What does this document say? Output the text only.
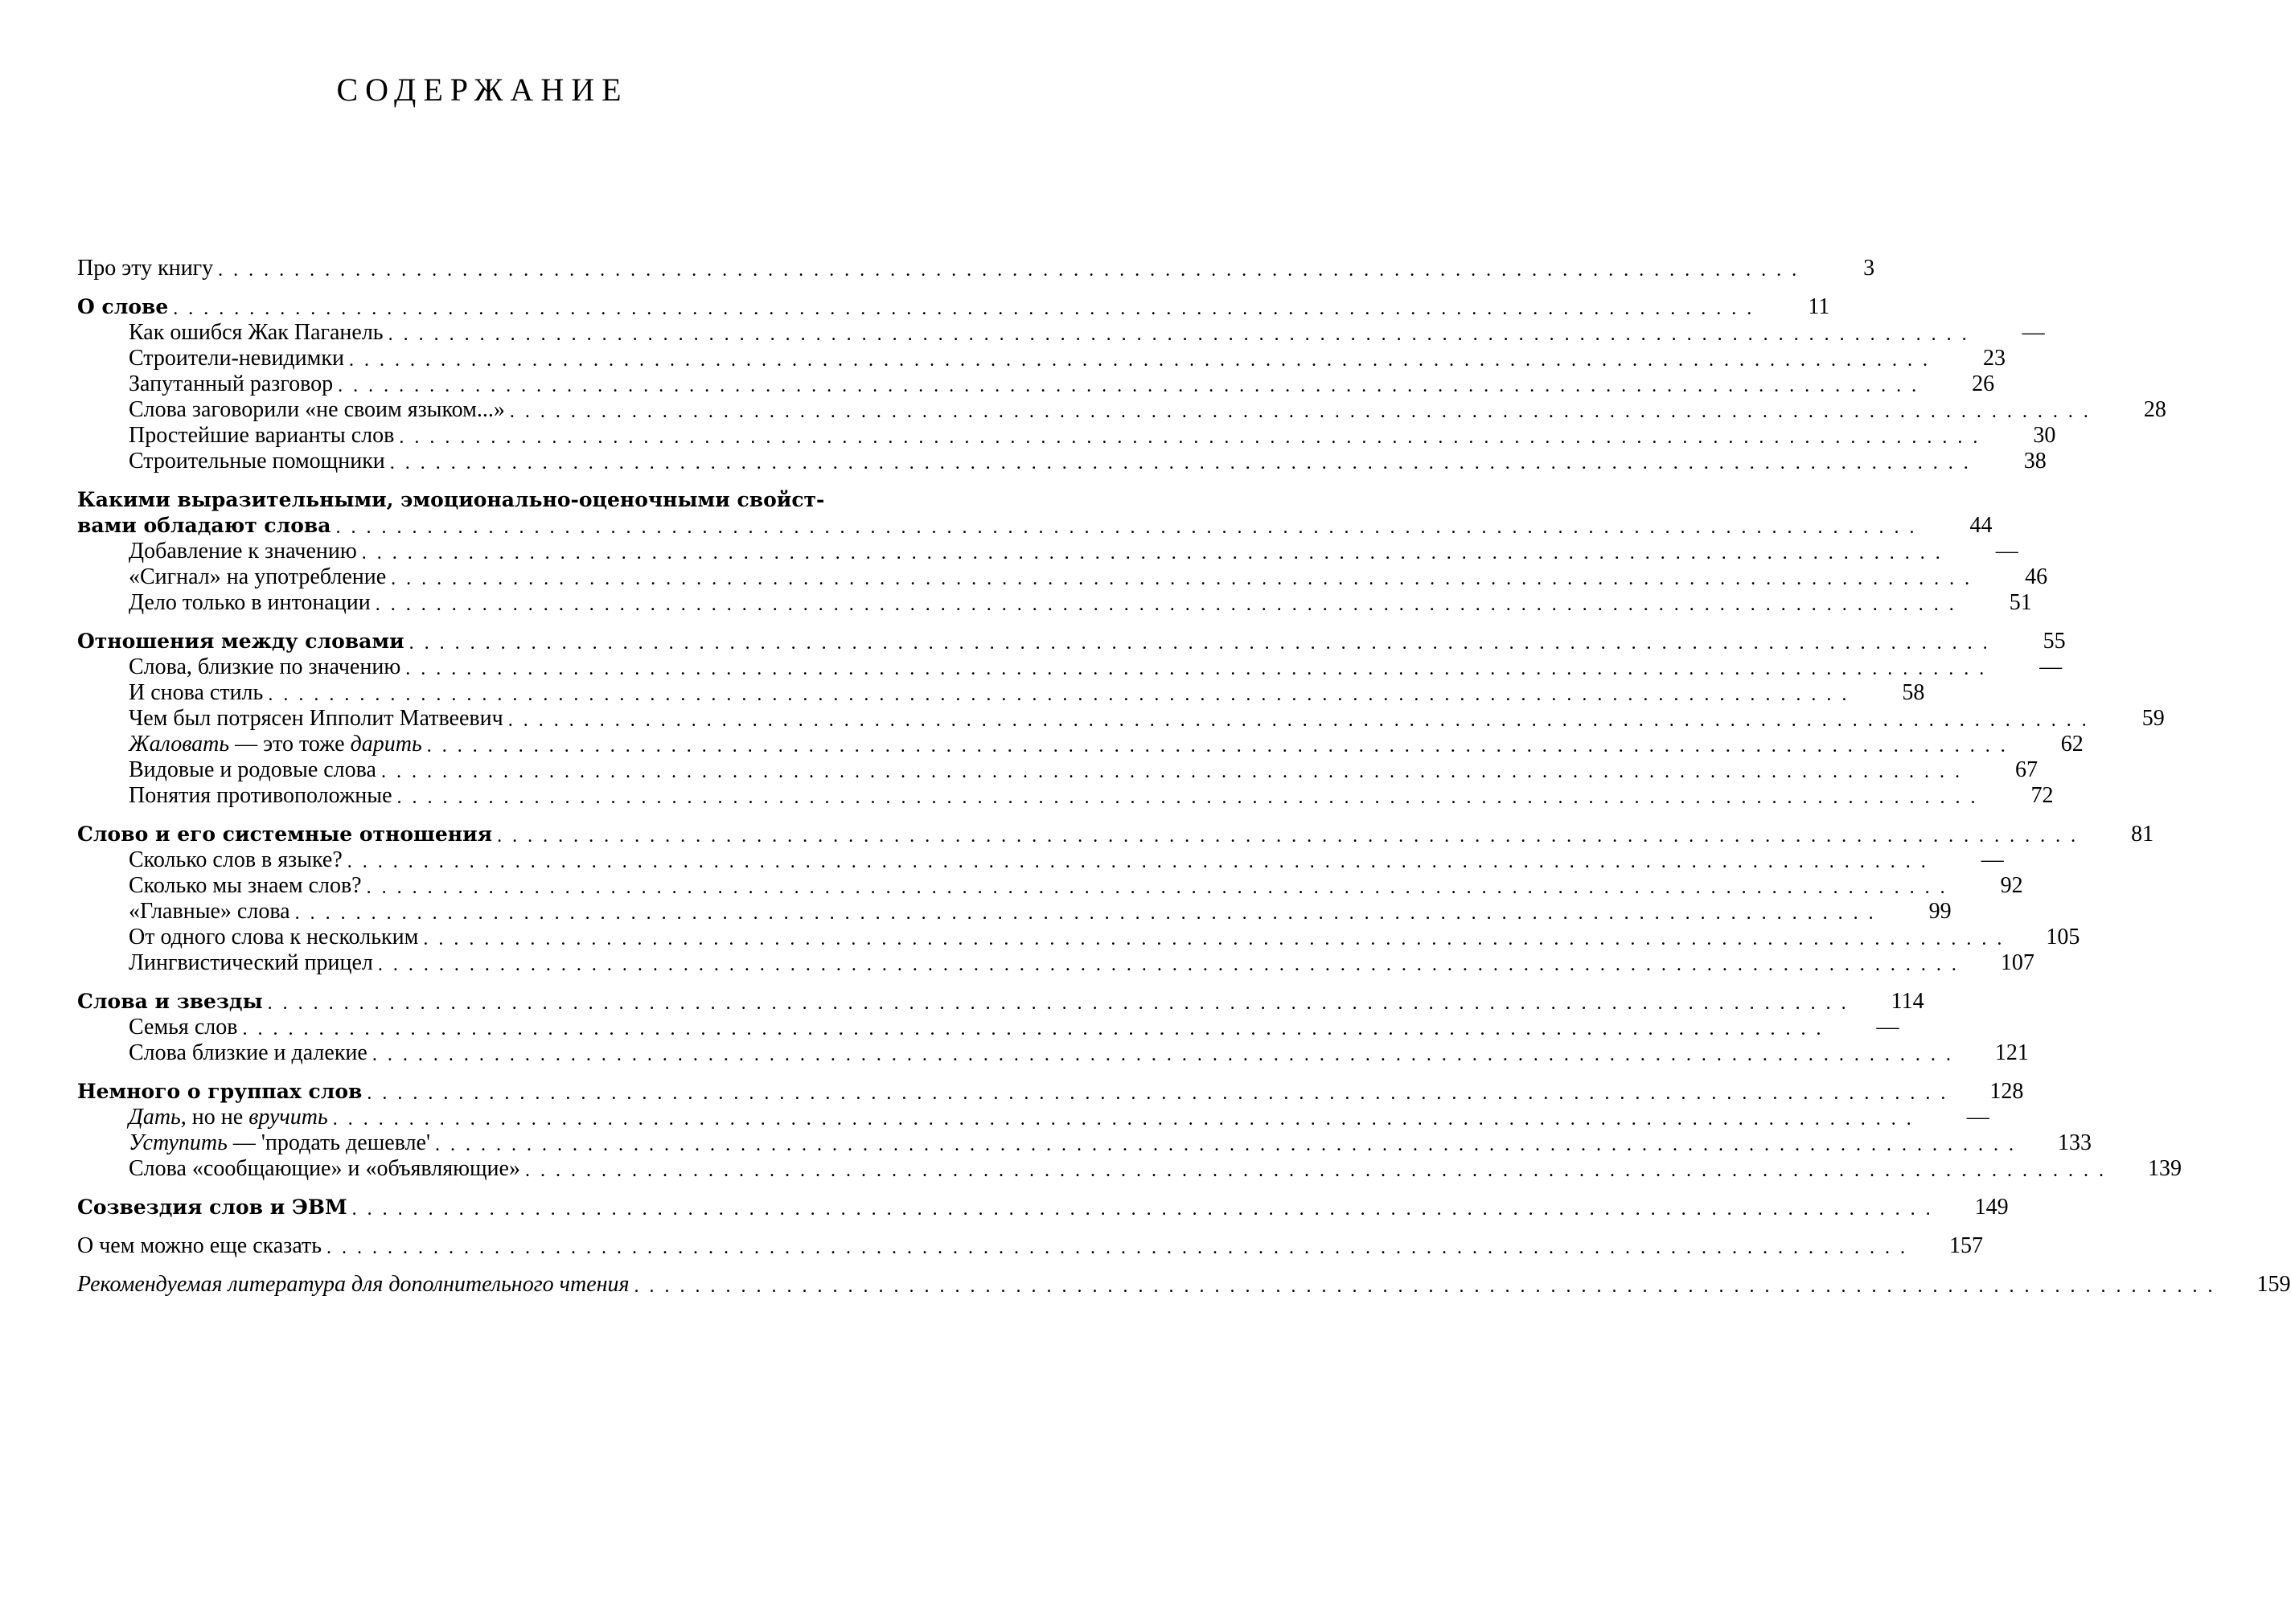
СОДЕРЖАНИЕ
Про эту книгу ........................................................................................................	3
О слове ........................................................................................................	11
Как ошибся Жак Паганель ........................................................................................................	—
Строители-невидимки ........................................................................................................	23
Запутанный разговор ........................................................................................................	26
Слова заговорили «не своим языком...» ........................................................................................................	28
Простейшие варианты слов ........................................................................................................	30
Строительные помощники ........................................................................................................	38
Какими выразительными, эмоционально-оценочными свойст-
вами обладают слова ........................................................................................................	44
Добавление к значению ........................................................................................................	—
«Сигнал» на употребление ........................................................................................................	46
Дело только в интонации ........................................................................................................	51
Отношения между словами ........................................................................................................	55
Слова, близкие по значению ........................................................................................................	—
И снова стиль ........................................................................................................	58
Чем был потрясен Ипполит Матвеевич ........................................................................................................	59
Жаловать — это тоже дарить ........................................................................................................	62
Видовые и родовые слова ........................................................................................................	67
Понятия противоположные ........................................................................................................	72
Слово и его системные отношения ........................................................................................................	81
Сколько слов в языке? ........................................................................................................	—
Сколько мы знаем слов? ........................................................................................................	92
«Главные» слова ........................................................................................................	99
От одного слова к нескольким ........................................................................................................	105
Лингвистический прицел ........................................................................................................	107
Слова и звезды ........................................................................................................	114
Семья слов ........................................................................................................	—
Слова близкие и далекие ........................................................................................................	121
Немного о группах слов ........................................................................................................	128
Дать, но не вручить ........................................................................................................	—
Уступить — 'продать дешевле' ........................................................................................................	133
Слова «сообщающие» и «объявляющие» ........................................................................................................	139
Созвездия слов и ЭВМ ........................................................................................................	149
О чем можно еще сказать ........................................................................................................	157
Рекомендуемая литература для дополнительного чтения ........................................................................................................	159
